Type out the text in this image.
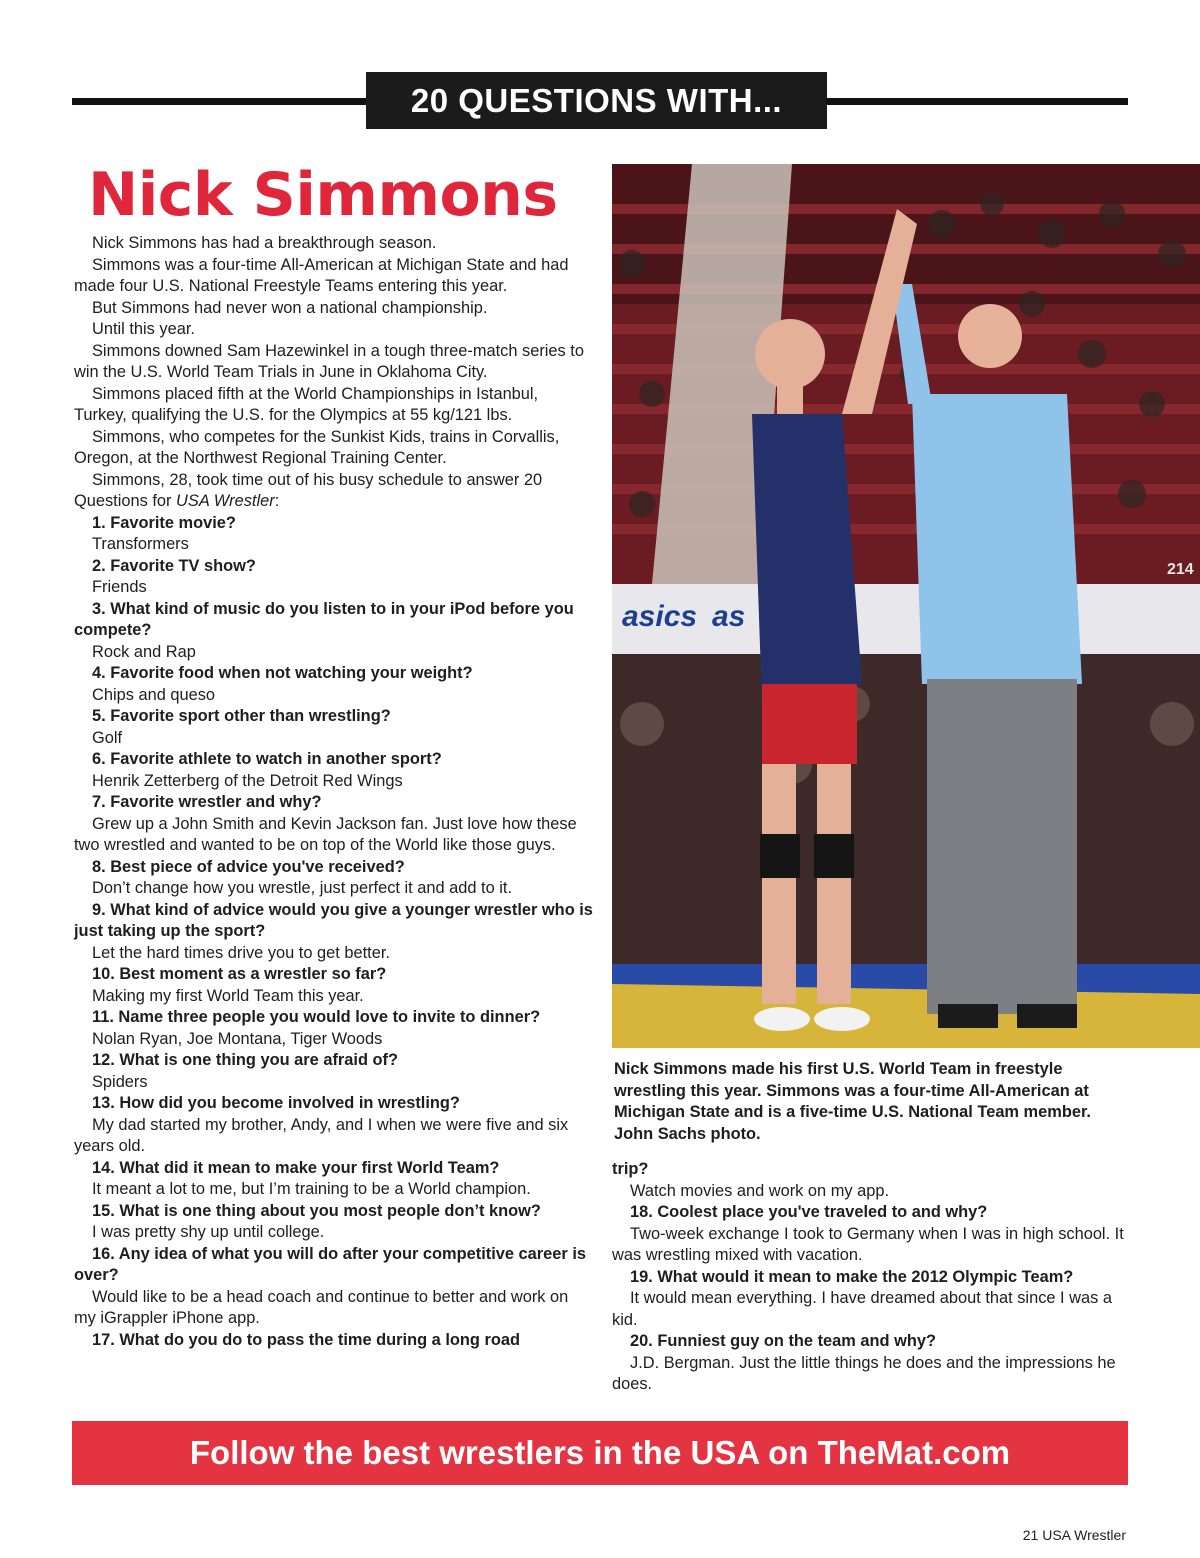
20 QUESTIONS WITH...
Nick Simmons

Nick Simmons has had a breakthrough season.

Simmons was a four-time All-American at Michigan State and had made four U.S. National Freestyle Teams entering this year.

But Simmons had never won a national championship.

Until this year.

Simmons downed Sam Hazewinkel in a tough three-match series to win the U.S. World Team Trials in June in Oklahoma City.

Simmons placed fifth at the World Championships in Istanbul, Turkey, qualifying the U.S. for the Olympics at 55 kg/121 lbs.

Simmons, who competes for the Sunkist Kids, trains in Corvallis, Oregon, at the Northwest Regional Training Center.

Simmons, 28, took time out of his busy schedule to answer 20 Questions for USA Wrestler:

1. Favorite movie?

Transformers

2. Favorite TV show?

Friends

3. What kind of music do you listen to in your iPod before you compete?

Rock and Rap

4. Favorite food when not watching your weight?

Chips and queso

5. Favorite sport other than wrestling?

Golf

6. Favorite athlete to watch in another sport?

Henrik Zetterberg of the Detroit Red Wings

7. Favorite wrestler and why?

Grew up a John Smith and Kevin Jackson fan. Just love how these two wrestled and wanted to be on top of the World like those guys.

8. Best piece of advice you've received?

Don’t change how you wrestle, just perfect it and add to it.

9. What kind of advice would you give a younger wrestler who is just taking up the sport?

Let the hard times drive you to get better.

10. Best moment as a wrestler so far?

Making my first World Team this year.

11. Name three people you would love to invite to dinner?

Nolan Ryan, Joe Montana, Tiger Woods

12. What is one thing you are afraid of?

Spiders

13. How did you become involved in wrestling?

My dad started my brother, Andy, and I when we were five and six years old.

14. What did it mean to make your first World Team?

It meant a lot to me, but I’m training to be a World champion.

15. What is one thing about you most people don’t know?

I was pretty shy up until college.

16. Any idea of what you will do after your competitive career is over?

Would like to be a head coach and continue to better and work on my iGrappler iPhone app.

17. What do you do to pass the time during a long road

asics as
214

Nick Simmons made his first U.S. World Team in freestyle wrestling this year. Simmons was a four-time All-American at Michigan State and is a five-time U.S. National Team member. John Sachs photo.

trip?

Watch movies and work on my app.

18. Coolest place you've traveled to and why?

Two-week exchange I took to Germany when I was in high school. It was wrestling mixed with vacation.

19. What would it mean to make the 2012 Olympic Team?

It would mean everything. I have dreamed about that since I was a kid.

20. Funniest guy on the team and why?

J.D. Bergman. Just the little things he does and the impressions he does.

Follow the best wrestlers in the USA on TheMat.com
21 USA Wrestler
